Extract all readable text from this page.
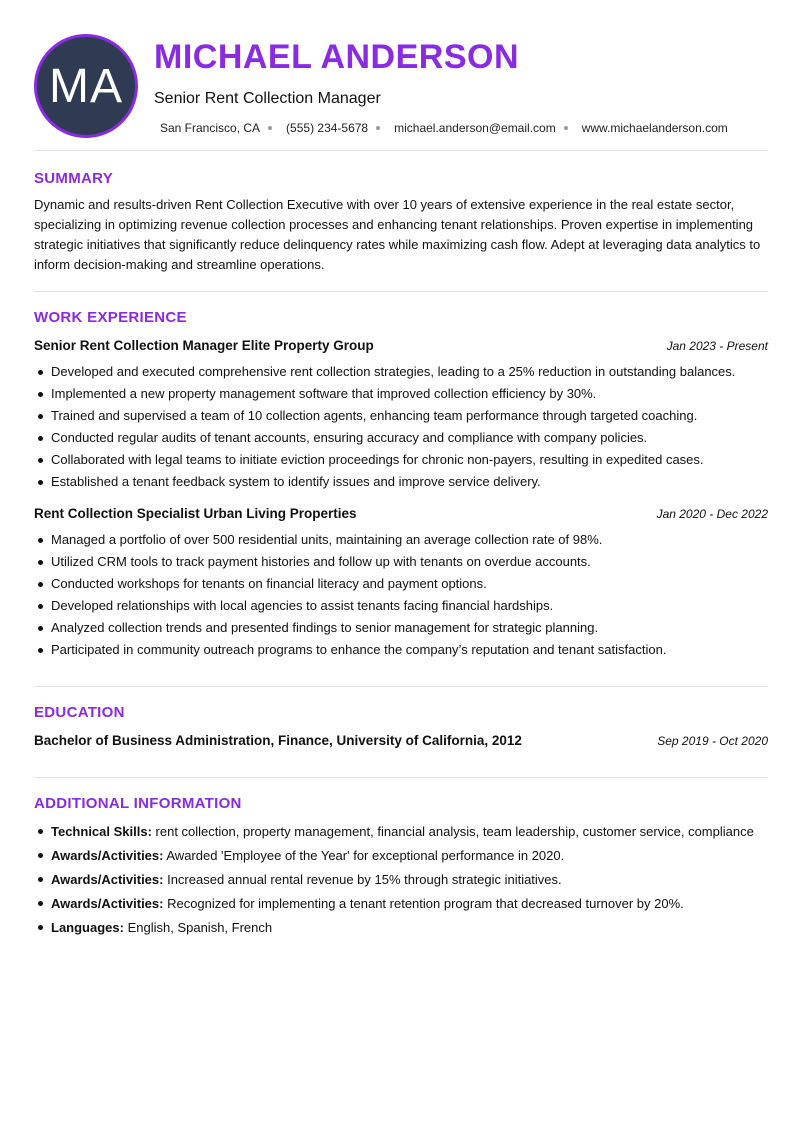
MA
MICHAEL ANDERSON
Senior Rent Collection Manager
San Francisco, CA (555) 234-5678 michael.anderson@email.com www.michaelanderson.com
SUMMARY
Dynamic and results-driven Rent Collection Executive with over 10 years of extensive experience in the real estate sector, specializing in optimizing revenue collection processes and enhancing tenant relationships. Proven expertise in implementing strategic initiatives that significantly reduce delinquency rates while maximizing cash flow. Adept at leveraging data analytics to inform decision-making and streamline operations.
WORK EXPERIENCE
Senior Rent Collection Manager Elite Property Group	Jan 2023 - Present
Developed and executed comprehensive rent collection strategies, leading to a 25% reduction in outstanding balances.
Implemented a new property management software that improved collection efficiency by 30%.
Trained and supervised a team of 10 collection agents, enhancing team performance through targeted coaching.
Conducted regular audits of tenant accounts, ensuring accuracy and compliance with company policies.
Collaborated with legal teams to initiate eviction proceedings for chronic non-payers, resulting in expedited cases.
Established a tenant feedback system to identify issues and improve service delivery.
Rent Collection Specialist Urban Living Properties	Jan 2020 - Dec 2022
Managed a portfolio of over 500 residential units, maintaining an average collection rate of 98%.
Utilized CRM tools to track payment histories and follow up with tenants on overdue accounts.
Conducted workshops for tenants on financial literacy and payment options.
Developed relationships with local agencies to assist tenants facing financial hardships.
Analyzed collection trends and presented findings to senior management for strategic planning.
Participated in community outreach programs to enhance the company’s reputation and tenant satisfaction.
EDUCATION
Bachelor of Business Administration, Finance, University of California, 2012	Sep 2019 - Oct 2020
ADDITIONAL INFORMATION
Technical Skills: rent collection, property management, financial analysis, team leadership, customer service, compliance
Awards/Activities: Awarded 'Employee of the Year' for exceptional performance in 2020.
Awards/Activities: Increased annual rental revenue by 15% through strategic initiatives.
Awards/Activities: Recognized for implementing a tenant retention program that decreased turnover by 20%.
Languages: English, Spanish, French
